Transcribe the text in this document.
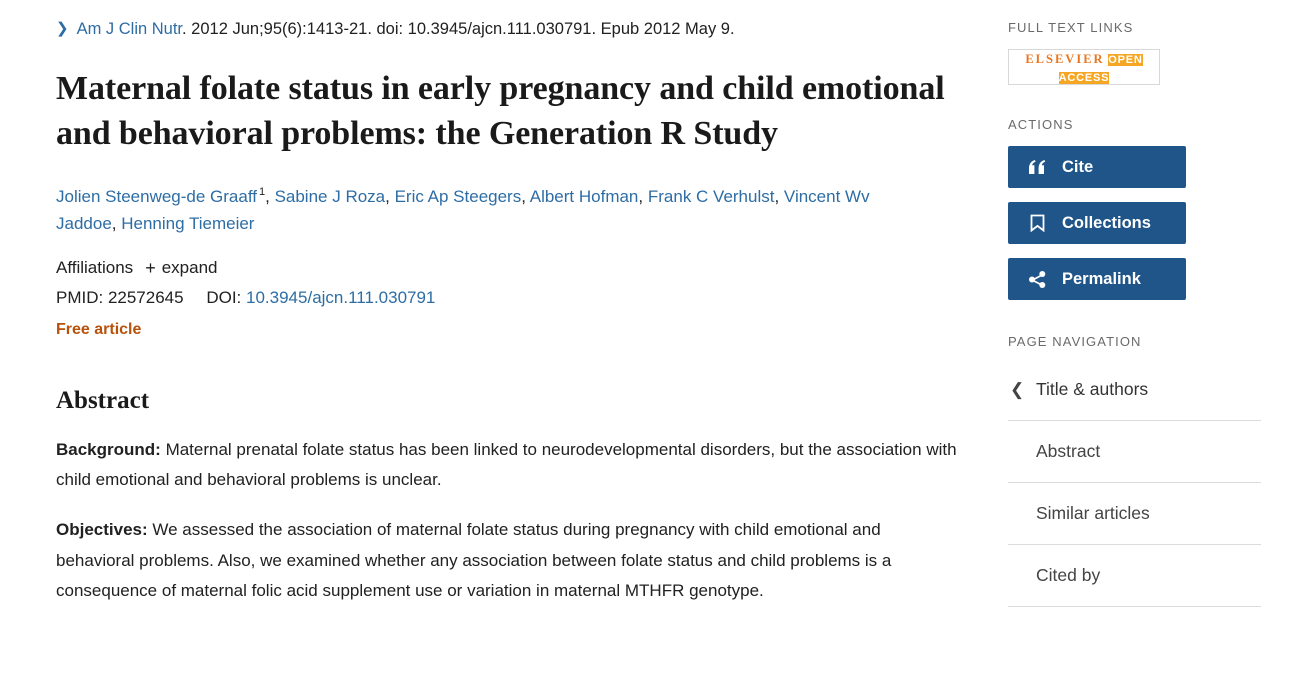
❯ Am J Clin Nutr. 2012 Jun;95(6):1413-21. doi: 10.3945/ajcn.111.030791. Epub 2012 May 9.
Maternal folate status in early pregnancy and child emotional and behavioral problems: the Generation R Study
Jolien Steenweg-de Graaff $^1$, Sabine J Roza, Eric Ap Steegers, Albert Hofman, Frank C Verhulst, Vincent Wv Jaddoe, Henning Tiemeier
Affiliations + expand
PMID: 22572645 DOI: 10.3945/ajcn.111.030791
Free article
Abstract

Background: Maternal prenatal folate status has been linked to neurodevelopmental disorders, but the association with child emotional and behavioral problems is unclear.

Objectives: We assessed the association of maternal folate status during pregnancy with child emotional and behavioral problems. Also, we examined whether any association between folate status and child problems is a consequence of maternal folic acid supplement use or variation in maternal MTHFR genotype.

FULL TEXT LINKS
ELSEVIER OPEN ACCESS
ACTIONS
Cite
Collections
Permalink
PAGE NAVIGATION
❮ Title & authors
Abstract
Similar articles
Cited by
